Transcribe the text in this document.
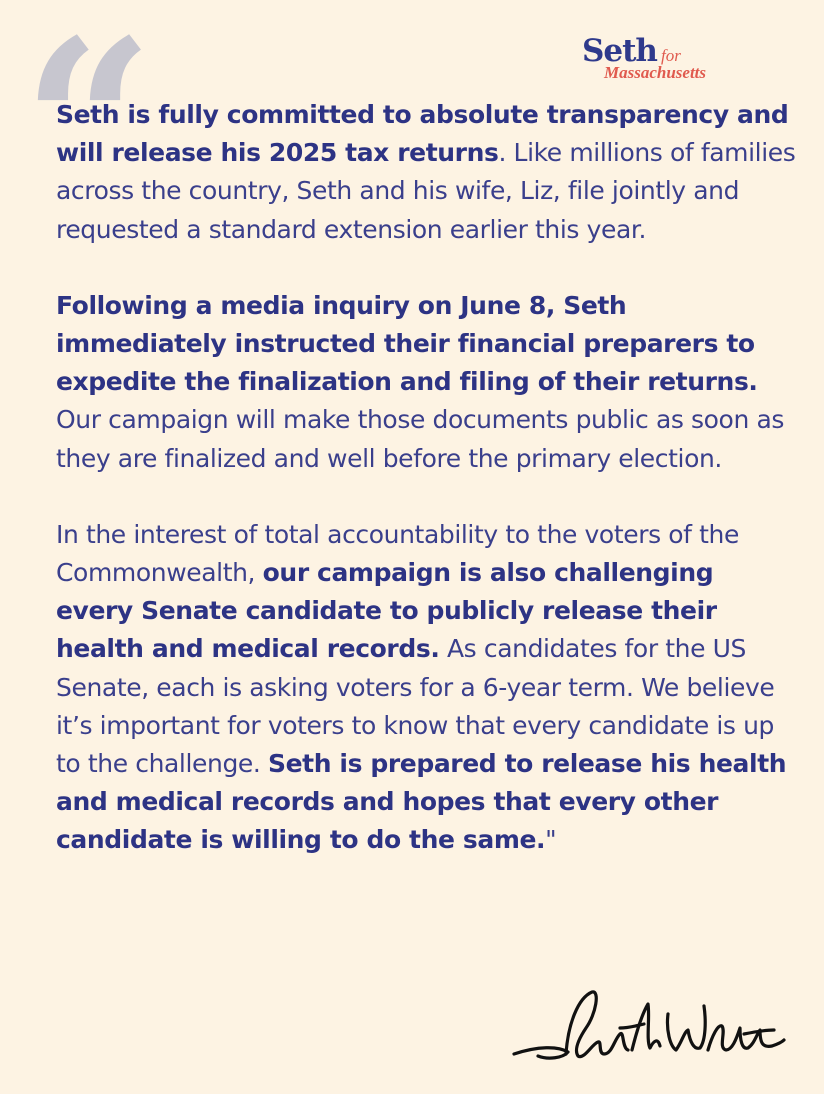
“	Seth for
Massachusetts

Seth is fully committed to absolute transparency and will release his 2025 tax returns. Like millions of families across the country, Seth and his wife, Liz, file jointly and requested a standard extension earlier this year.

Following a media inquiry on June 8, Seth immediately instructed their financial preparers to expedite the finalization and filing of their returns. Our campaign will make those documents public as soon as they are finalized and well before the primary election.

In the interest of total accountability to the voters of the Commonwealth, our campaign is also challenging every Senate candidate to publicly release their health and medical records. As candidates for the US Senate, each is asking voters for a 6-year term. We believe it’s important for voters to know that every candidate is up to the challenge. Seth is prepared to release his health and medical records and hopes that every other candidate is willing to do the same."
